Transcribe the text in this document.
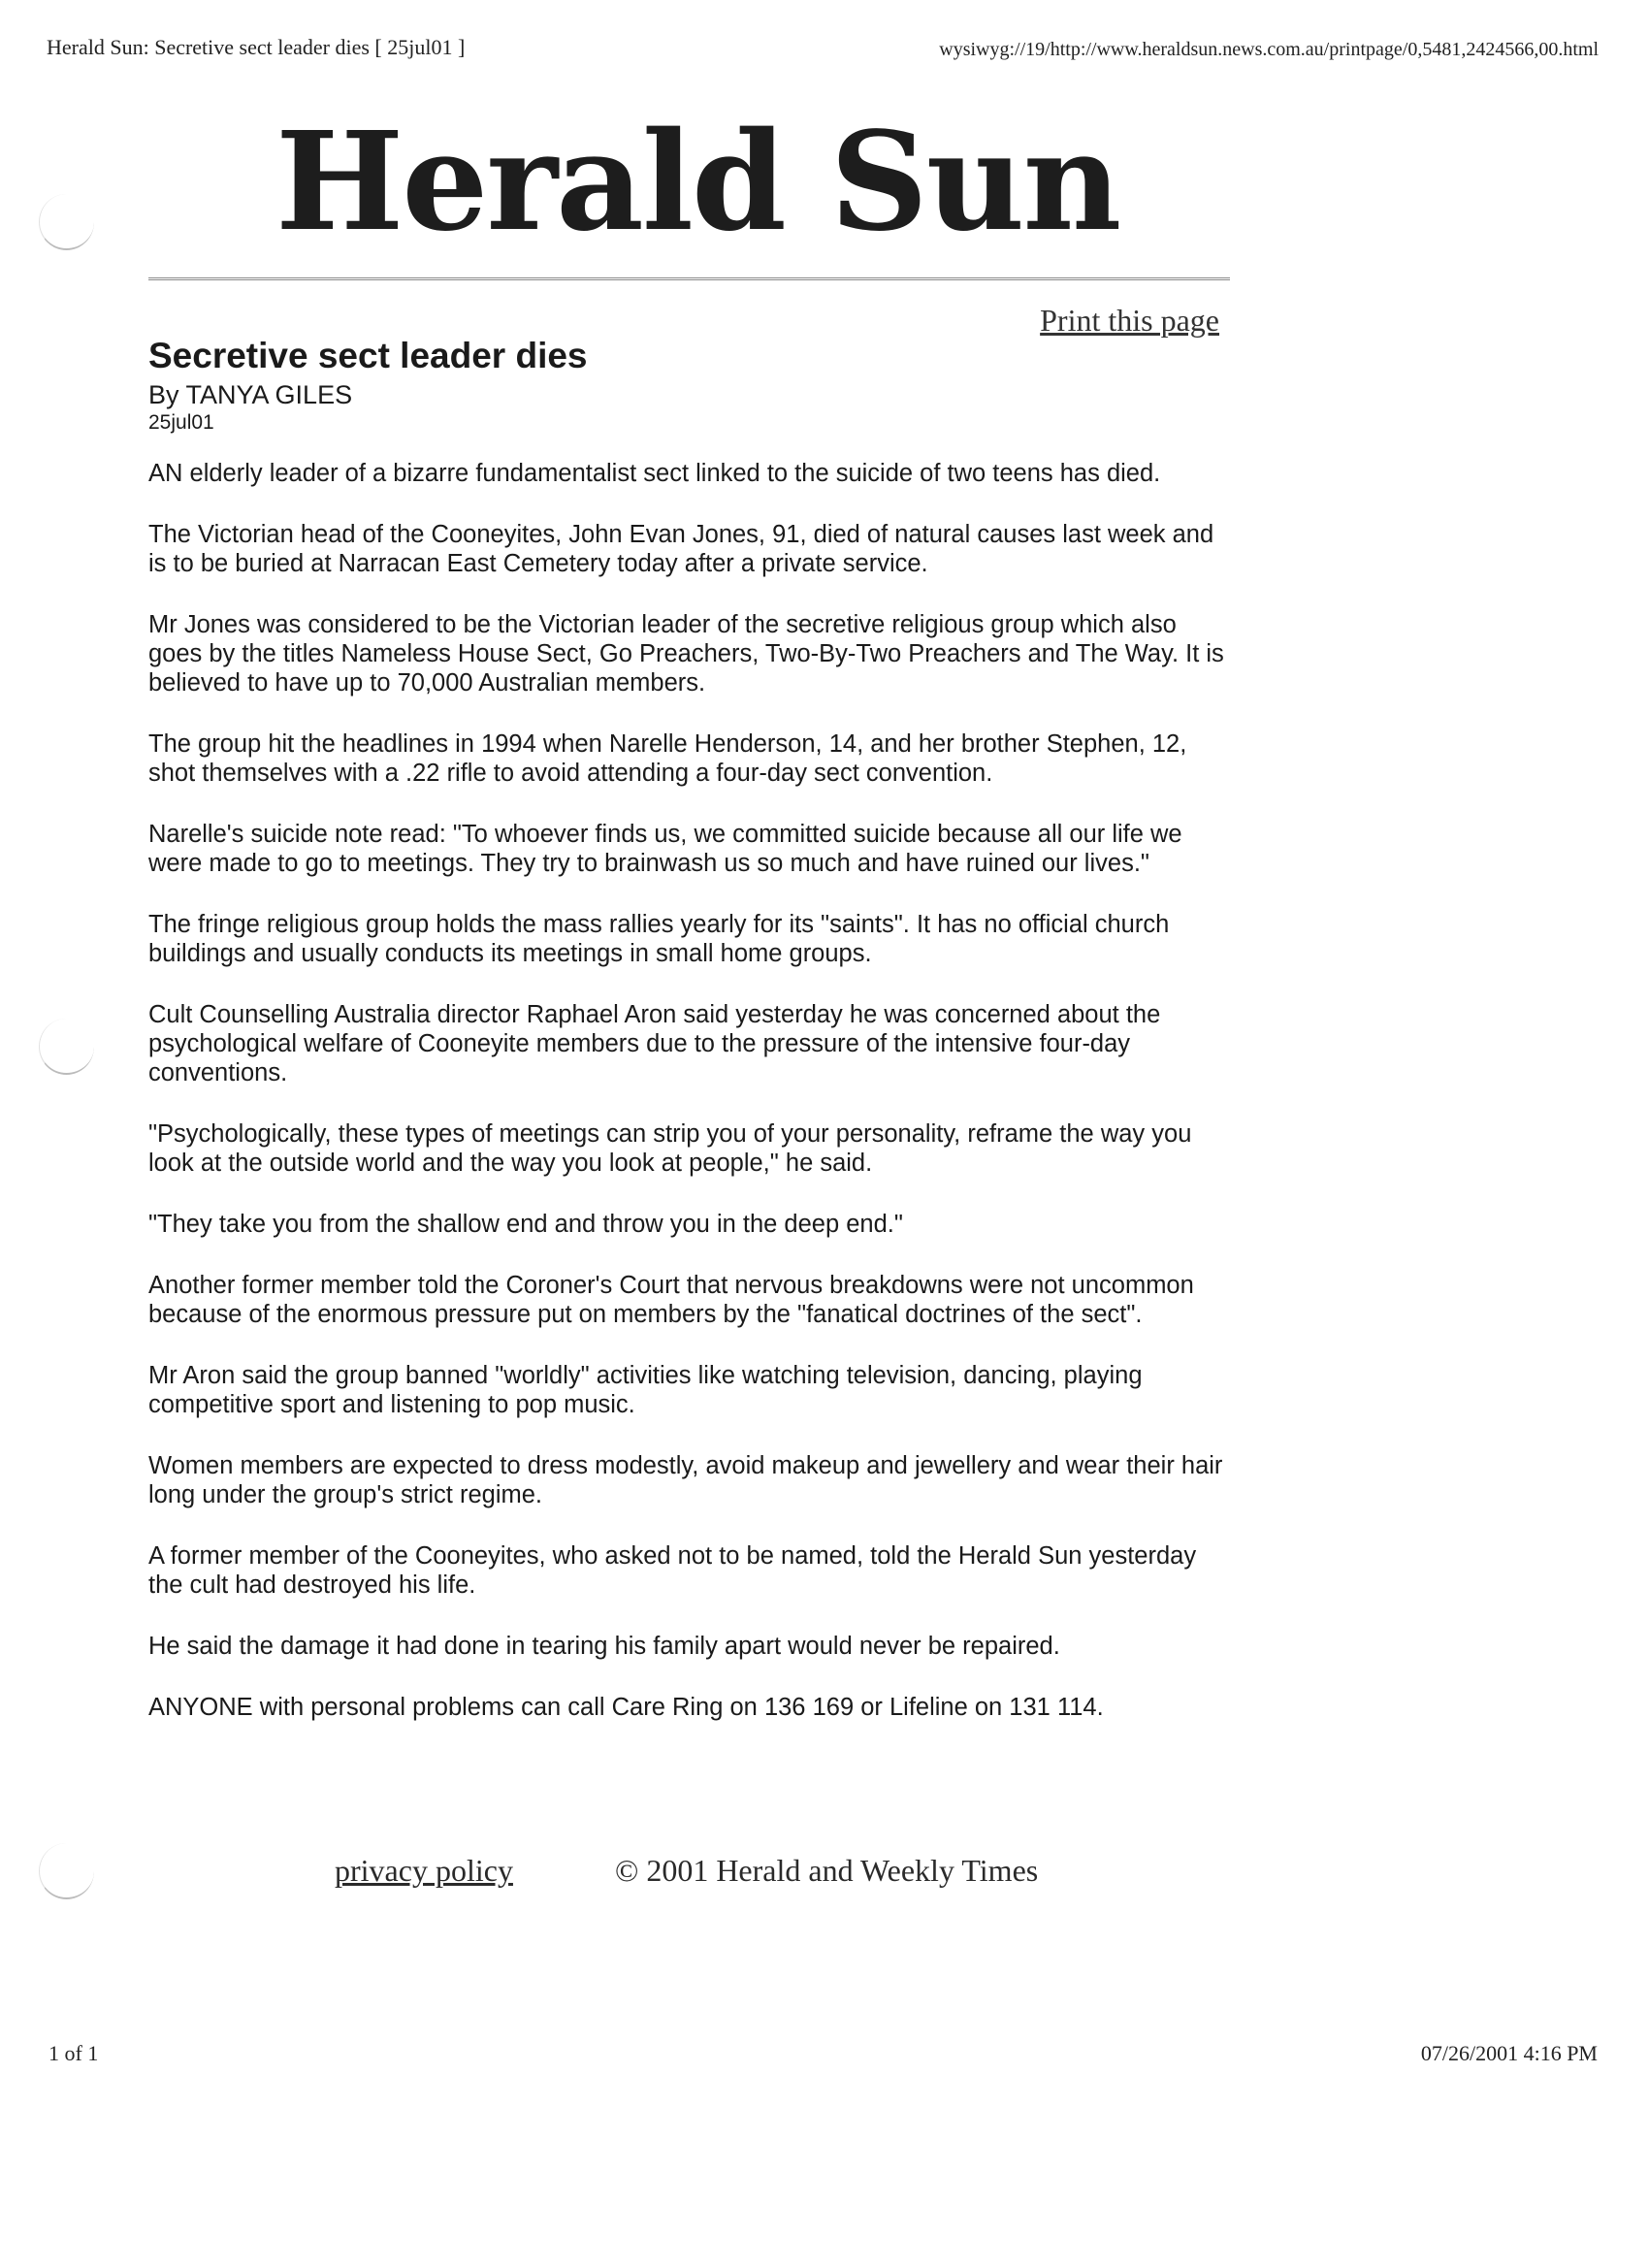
Herald Sun: Secretive sect leader dies [ 25jul01 ]	wysiwyg://19/http://www.heraldsun.news.com.au/printpage/0,5481,2424566,00.html
Herald Sun
Print this page
Secretive sect leader dies
By TANYA GILES
25jul01

AN elderly leader of a bizarre fundamentalist sect linked to the suicide of two teens has died.

The Victorian head of the Cooneyites, John Evan Jones, 91, died of natural causes last week and is to be buried at Narracan East Cemetery today after a private service.

Mr Jones was considered to be the Victorian leader of the secretive religious group which also goes by the titles Nameless House Sect, Go Preachers, Two-By-Two Preachers and The Way. It is believed to have up to 70,000 Australian members.

The group hit the headlines in 1994 when Narelle Henderson, 14, and her brother Stephen, 12, shot themselves with a .22 rifle to avoid attending a four-day sect convention.

Narelle's suicide note read: "To whoever finds us, we committed suicide because all our life we were made to go to meetings. They try to brainwash us so much and have ruined our lives."

The fringe religious group holds the mass rallies yearly for its "saints". It has no official church buildings and usually conducts its meetings in small home groups.

Cult Counselling Australia director Raphael Aron said yesterday he was concerned about the psychological welfare of Cooneyite members due to the pressure of the intensive four-day conventions.

"Psychologically, these types of meetings can strip you of your personality, reframe the way you look at the outside world and the way you look at people," he said.

"They take you from the shallow end and throw you in the deep end."

Another former member told the Coroner's Court that nervous breakdowns were not uncommon because of the enormous pressure put on members by the "fanatical doctrines of the sect".

Mr Aron said the group banned "worldly" activities like watching television, dancing, playing competitive sport and listening to pop music.

Women members are expected to dress modestly, avoid makeup and jewellery and wear their hair long under the group's strict regime.

A former member of the Cooneyites, who asked not to be named, told the Herald Sun yesterday the cult had destroyed his life.

He said the damage it had done in tearing his family apart would never be repaired.

ANYONE with personal problems can call Care Ring on 136 169 or Lifeline on 131 114.

privacy policy	© 2001 Herald and Weekly Times
1 of 1	07/26/2001 4:16 PM
